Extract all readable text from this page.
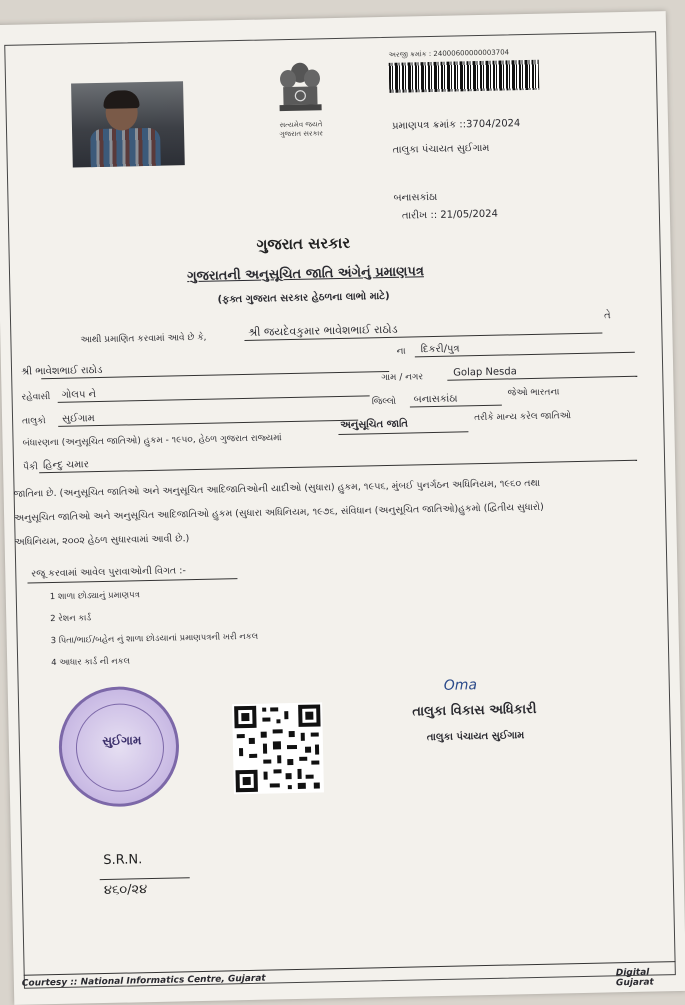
સત્યમેવ જયતે
ગુજરાત સરકાર
અરજી ક્રમાંક : 24000600000003704
પ્રમાણપત્ર ક્રમાંક ::3704/2024
તાલુકા પંચાયત સુઈગામ
બનાસકાંઠા
તારીખ :: 21/05/2024
ગુજરાત સરકાર
ગુજરાતની અનુસૂચિત જાતિ અંગેનું પ્રમાણપત્ર
(ફક્ત ગુજરાત સરકાર હેઠળના લાભો માટે)
આથી પ્રમાણિત કરવામાં આવે છે કે,
શ્રી જયદેવકુમાર ભાવેશભાઈ રાઠોડ
તે
શ્રી ભાવેશભાઈ રાઠોડ
ના દિકરી/પુત્ર
રહેવાસી ગોલપ ને
ગામ / નગર	Golap Nesda
તાલુકો સુઈગામ
જિલ્લો બનાસકાંઠા
જેઓ ભારતના
બંધારણના (અનુસૂચિત જાતિઓ) હુકમ - ૧૯૫૦, હેઠળ ગુજરાત રાજ્યમાં
અનુસૂચિત જાતિ
તરીકે માન્ય કરેલ જાતિઓ
પૈકી હિન્દુ ચમાર
જાતિના છે. (અનુસૂચિત જાતિઓ અને અનુસૂચિત આદિજાતિઓની યાદીઓ (સુધારા) હુકમ, ૧૯૫૬, મુંબઈ પુનર્ગઠન અધિનિયમ, ૧૯૬૦ તથા
અનુસૂચિત જાતિઓ અને અનુસૂચિત આદિજાતિઓ હુકમ (સુધારા અધિનિયમ, ૧૯૭૬, સંવિધાન (અનુસૂચિત જાતિઓ)હુકમો (દ્વિતીય સુધારો)
અધિનિયમ, ૨૦૦૨ હેઠળ સુધારવામાં આવી છે.)
રજૂ કરવામાં આવેલ પુરાવાઓની વિગત :-
1 શાળા છોડ્યાનું પ્રમાણપત્ર
2 રેશન કાર્ડ
3 પિતા/ભાઈ/બહેન નું શાળા છોડયાનાં પ્રમાણપત્રની ખરી નકલ
4 આધાર કાર્ડ ની નકલ
સુઈગામ
Oma
તાલુકા વિકાસ અધિકારી
તાલુકા પંચાયત સુઈગામ
S.R.N.
૪૬૦/૨૪
Courtesy :: National Informatics Centre, Gujarat
Digital Gujarat
